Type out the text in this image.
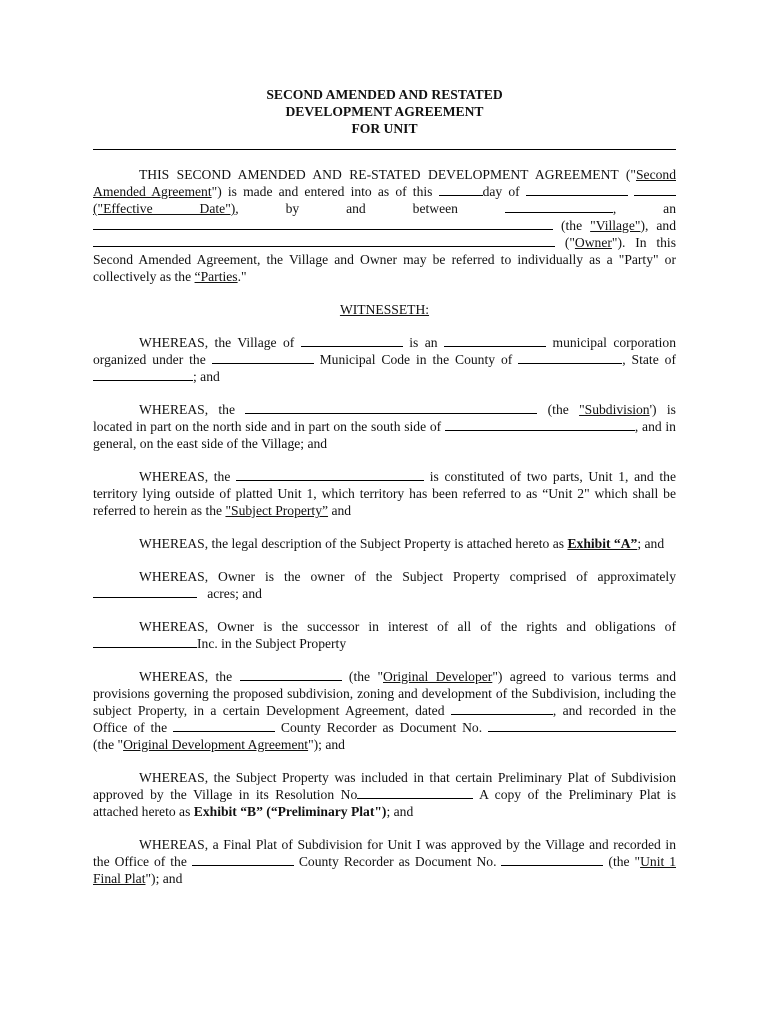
SECOND AMENDED AND RESTATED

DEVELOPMENT AGREEMENT

FOR UNIT

THIS SECOND AMENDED AND RE-STATED DEVELOPMENT AGREEMENT ("Second Amended Agreement") is made and entered into as of this	day of   ("Effective Date"), by and between	, an  (the "Village"), and  ("Owner"). In this Second Amended Agreement, the Village and Owner may be referred to individually as a "Party" or collectively as the “Parties."

WITNESSETH:

WHEREAS, the Village of	is an	municipal corporation organized under the	Municipal Code in the County of	, State of ; and

WHEREAS, the	(the "Subdivision') is located in part on the north side and in part on the south side of	, and in general, on the east side of the Village; and

WHEREAS, the	is constituted of two parts, Unit 1, and the territory lying outside of platted Unit 1, which territory has been referred to as “Unit 2" which shall be referred to herein as the "Subject Property” and

WHEREAS, the legal description of the Subject Property is attached hereto as Exhibit “A”; and

WHEREAS, Owner is the owner of the Subject Property comprised of approximately    acres; and

WHEREAS, Owner is the successor in interest of all of the rights and obligations of Inc. in the Subject Property

WHEREAS, the	(the "Original Developer") agreed to various terms and provisions governing the proposed subdivision, zoning and development of the Subdivision, including the subject Property, in a certain Development Agreement, dated	, and recorded in the Office of the	County Recorder as Document No.  (the "Original Development Agreement"); and

WHEREAS, the Subject Property was included in that certain Preliminary Plat of Subdivision approved by the Village in its Resolution No	A copy of the Preliminary Plat is attached hereto as Exhibit “B” (“Preliminary Plat"); and

WHEREAS, a Final Plat of Subdivision for Unit I was approved by the Village and recorded in the Office of the	County Recorder as Document No.	(the "Unit 1 Final Plat"); and
